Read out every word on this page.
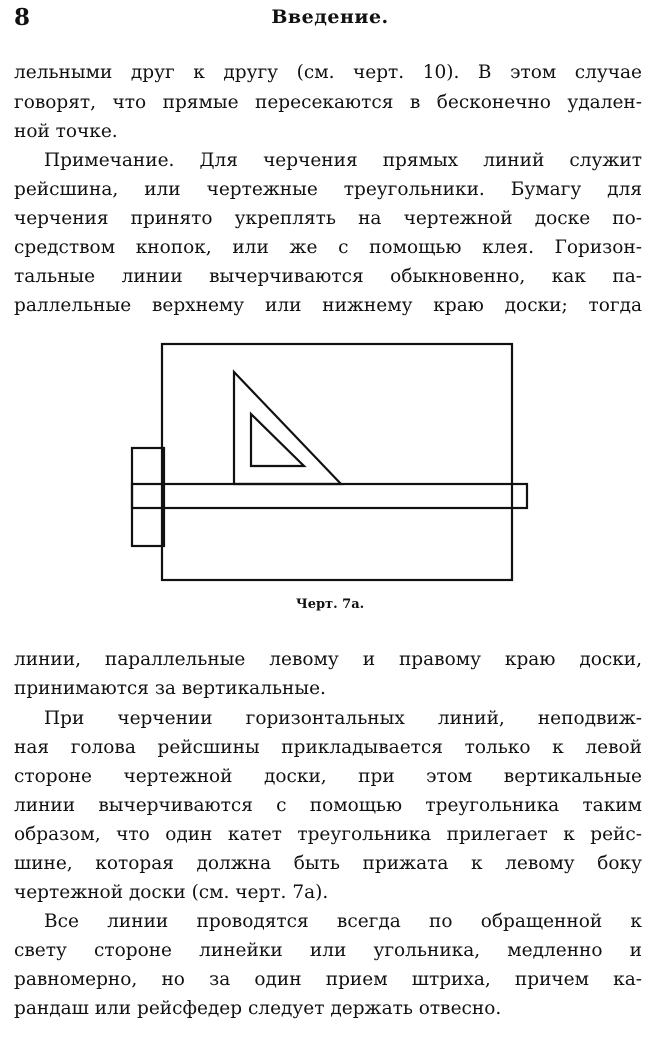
8	Введение.
лельными друг к другу (см. черт. 10). В этом случае
говорят, что прямые пересекаются в бесконечно удален-
ной точке.
Примечание. Для черчения прямых линий служит
рейсшина, или чертежные треугольники. Бумагу для
черчения принято укреплять на чертежной доске по-
средством кнопок, или же с помощью клея. Горизон-
тальные линии вычерчиваются обыкновенно, как па-
раллельные верхнему или нижнему краю доски; тогда
Черт. 7а.
линии, параллельные левому и правому краю доски,
принимаются за вертикальные.
При черчении горизонтальных линий, неподвиж-
ная голова рейсшины прикладывается только к левой
стороне чертежной доски, при этом вертикальные
линии вычерчиваются с помощью треугольника таким
образом, что один катет треугольника прилегает к рейс-
шине, которая должна быть прижата к левому боку
чертежной доски (см. черт. 7а).
Все линии проводятся всегда по обращенной к
свету стороне линейки или угольника, медленно и
равномерно, но за один прием штриха, причем ка-
рандаш или рейсфедер следует держать отвесно.
